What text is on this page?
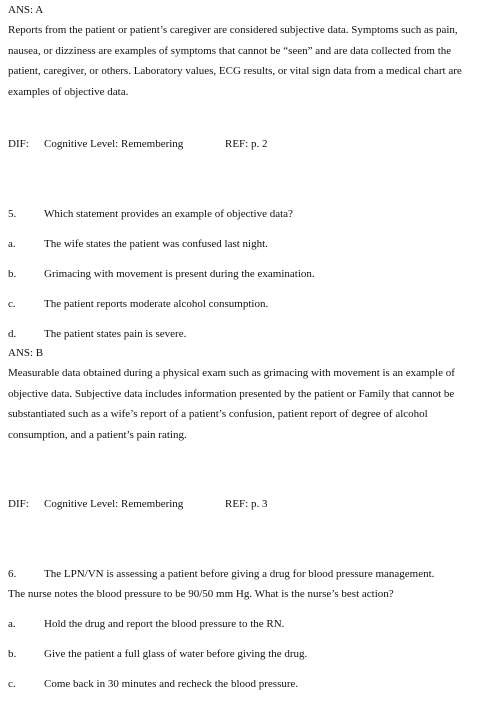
ANS: A
Reports from the patient or patient’s caregiver are considered subjective data. Symptoms such as pain, nausea, or dizziness are examples of symptoms that cannot be “seen” and are data collected from the patient, caregiver, or others. Laboratory values, ECG results, or vital sign data from a medical chart are examples of objective data.
DIF: Cognitive Level: Remembering	REF: p. 2
5.	Which statement provides an example of objective data?
a.	The wife states the patient was confused last night.
b.	Grimacing with movement is present during the examination.
c.	The patient reports moderate alcohol consumption.
d.	The patient states pain is severe.
ANS: B
Measurable data obtained during a physical exam such as grimacing with movement is an example of objective data. Subjective data includes information presented by the patient or Family that cannot be substantiated such as a wife’s report of a patient’s confusion, patient report of degree of alcohol consumption, and a patient’s pain rating.
DIF: Cognitive Level: Remembering	REF: p. 3
6.	The LPN/VN is assessing a patient before giving a drug for blood pressure management.
The nurse notes the blood pressure to be 90/50 mm Hg. What is the nurse’s best action?
a.	Hold the drug and report the blood pressure to the RN.
b.	Give the patient a full glass of water before giving the drug.
c.	Come back in 30 minutes and recheck the blood pressure.
